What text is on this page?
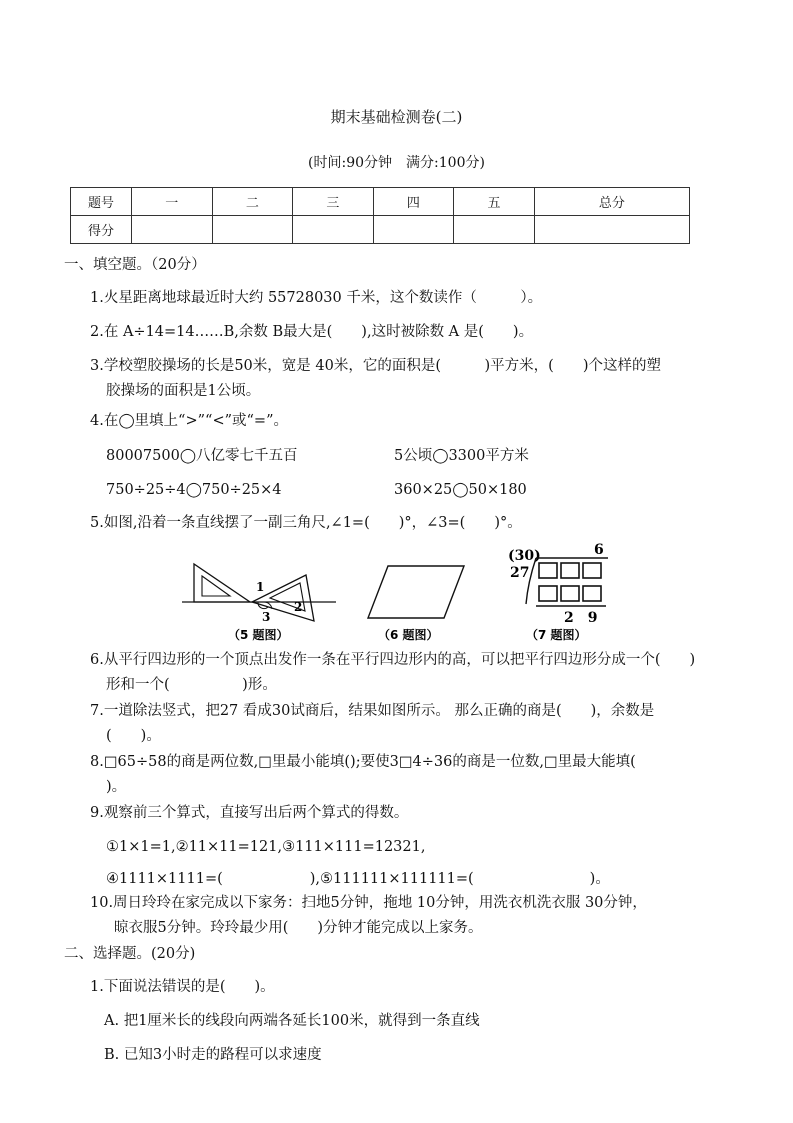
期末基础检测卷(二)
(时间:90分钟　满分:100分)
题号	一	二	三	四	五	总分
得分						
一、填空题。（20分）
1.火星距离地球最近时大约 55728030 千米，这个数读作（　　　）。
2.在 A÷14=14……B,余数 B最大是(　　),这时被除数 A 是(　　)。
3.学校塑胶操场的长是50米，宽是 40米，它的面积是(　　　)平方米，(　　)个这样的塑
胶操场的面积是1公顷。
4.在◯里填上“>”“<”或“=”。
80007500◯八亿零七千五百	5公顷◯3300平方米
750÷25÷4◯750÷25×4	360×25◯50×180
5.如图,沿着一条直线摆了一副三角尺,∠1=(　　)°，∠3=(　　)°。
1
3
2
（5 题图）	（6 题图）
(30)	6
27
2　9
（7 题图）
6.从平行四边形的一个顶点出发作一条在平行四边形内的高，可以把平行四边形分成一个(　　)
形和一个(　　　　　)形。
7.一道除法竖式，把27 看成30试商后，结果如图所示。 那么正确的商是(　　)，余数是
(　　)。
8.□65÷58的商是两位数,□里最小能填();要使3□4÷36的商是一位数,□里最大能填(
)。
9.观察前三个算式，直接写出后两个算式的得数。
①1×1=1,②11×11=121,③111×111=12321,
④1111×1111=(　　　　　　),⑤111111×111111=(　　　　　　　　)。
10.周日玲玲在家完成以下家务：扫地5分钟，拖地 10分钟，用洗衣机洗衣服 30分钟，
晾衣服5分钟。玲玲最少用(　　)分钟才能完成以上家务。
二、选择题。(20分)
1.下面说法错误的是(　　)。
A. 把1厘米长的线段向两端各延长100米，就得到一条直线
B. 已知3小时走的路程可以求速度
